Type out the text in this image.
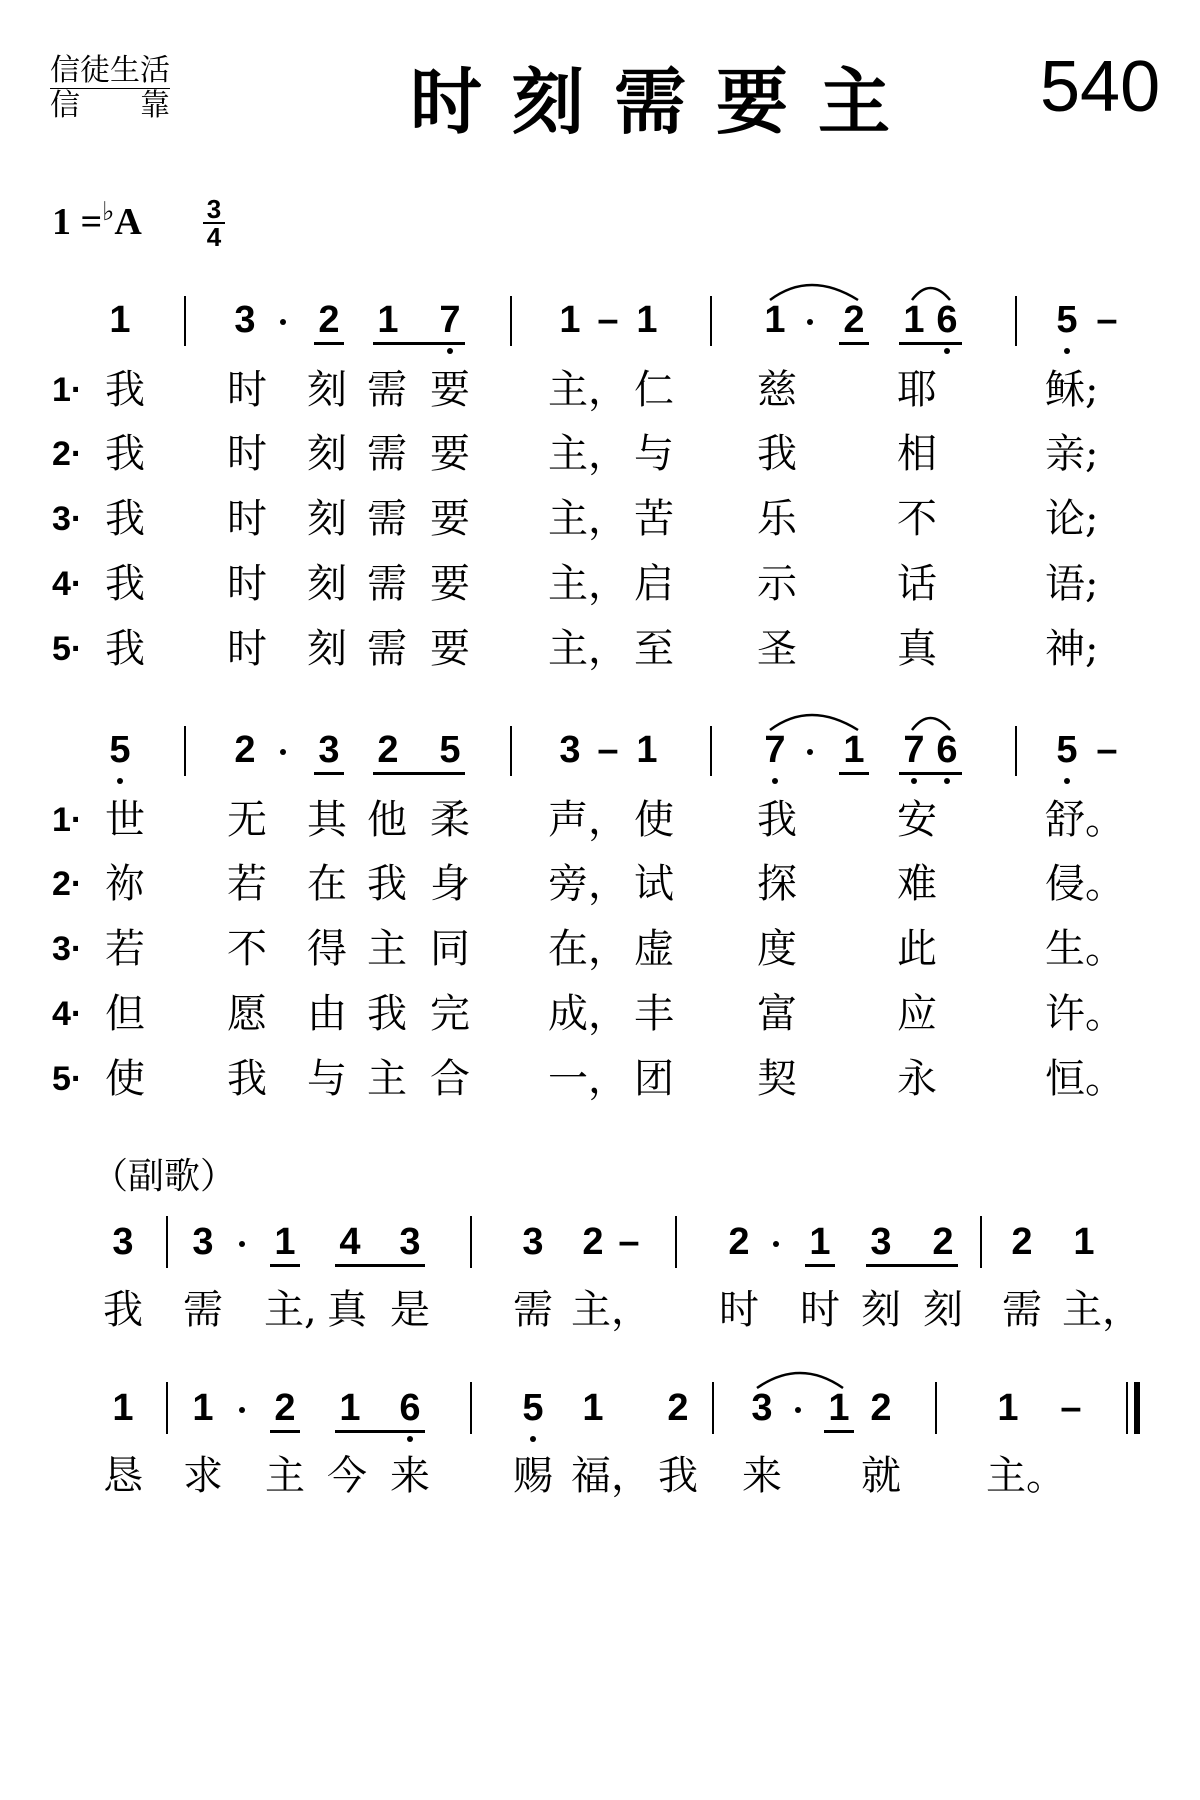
信徒生活
信　　靠	时刻需要主 540
1 =♭A 3
4
1	3 2 1 7	1 – 1	1 2 1 6	5 –
1· 我 时 刻 需 要 主， 仁 慈	耶	稣;
2· 我 时 刻 需 要 主， 与 我	相	亲;
3· 我 时 刻 需 要 主， 苦 乐	不	论;
4· 我 时 刻 需 要 主， 启 示	话	语;
5· 我 时 刻 需 要 主， 至 圣	真	神;
5	2 3 2 5	3 – 1	7 1 7 6	5 –
1· 世 无 其 他 柔 声， 使 我	安	舒。
2· 祢 若 在 我 身 旁， 试 探	难	侵。
3· 若 不 得 主 同 在， 虚 度	此	生。
4· 但 愿 由 我 完 成， 丰 富	应	许。
5· 使 我 与 主 合 一， 团 契	永	恒。
（副歌）
3 3 1 4 3	3 2 – 2 1 3 2 2 1
我 需 主, 真 是 需 主， 时 时 刻 刻 需 主，
1 1 2 1 6	5 1 2 3 1 2	1 –
恳 求 主 今 来 赐 福， 我 来 就 主。
